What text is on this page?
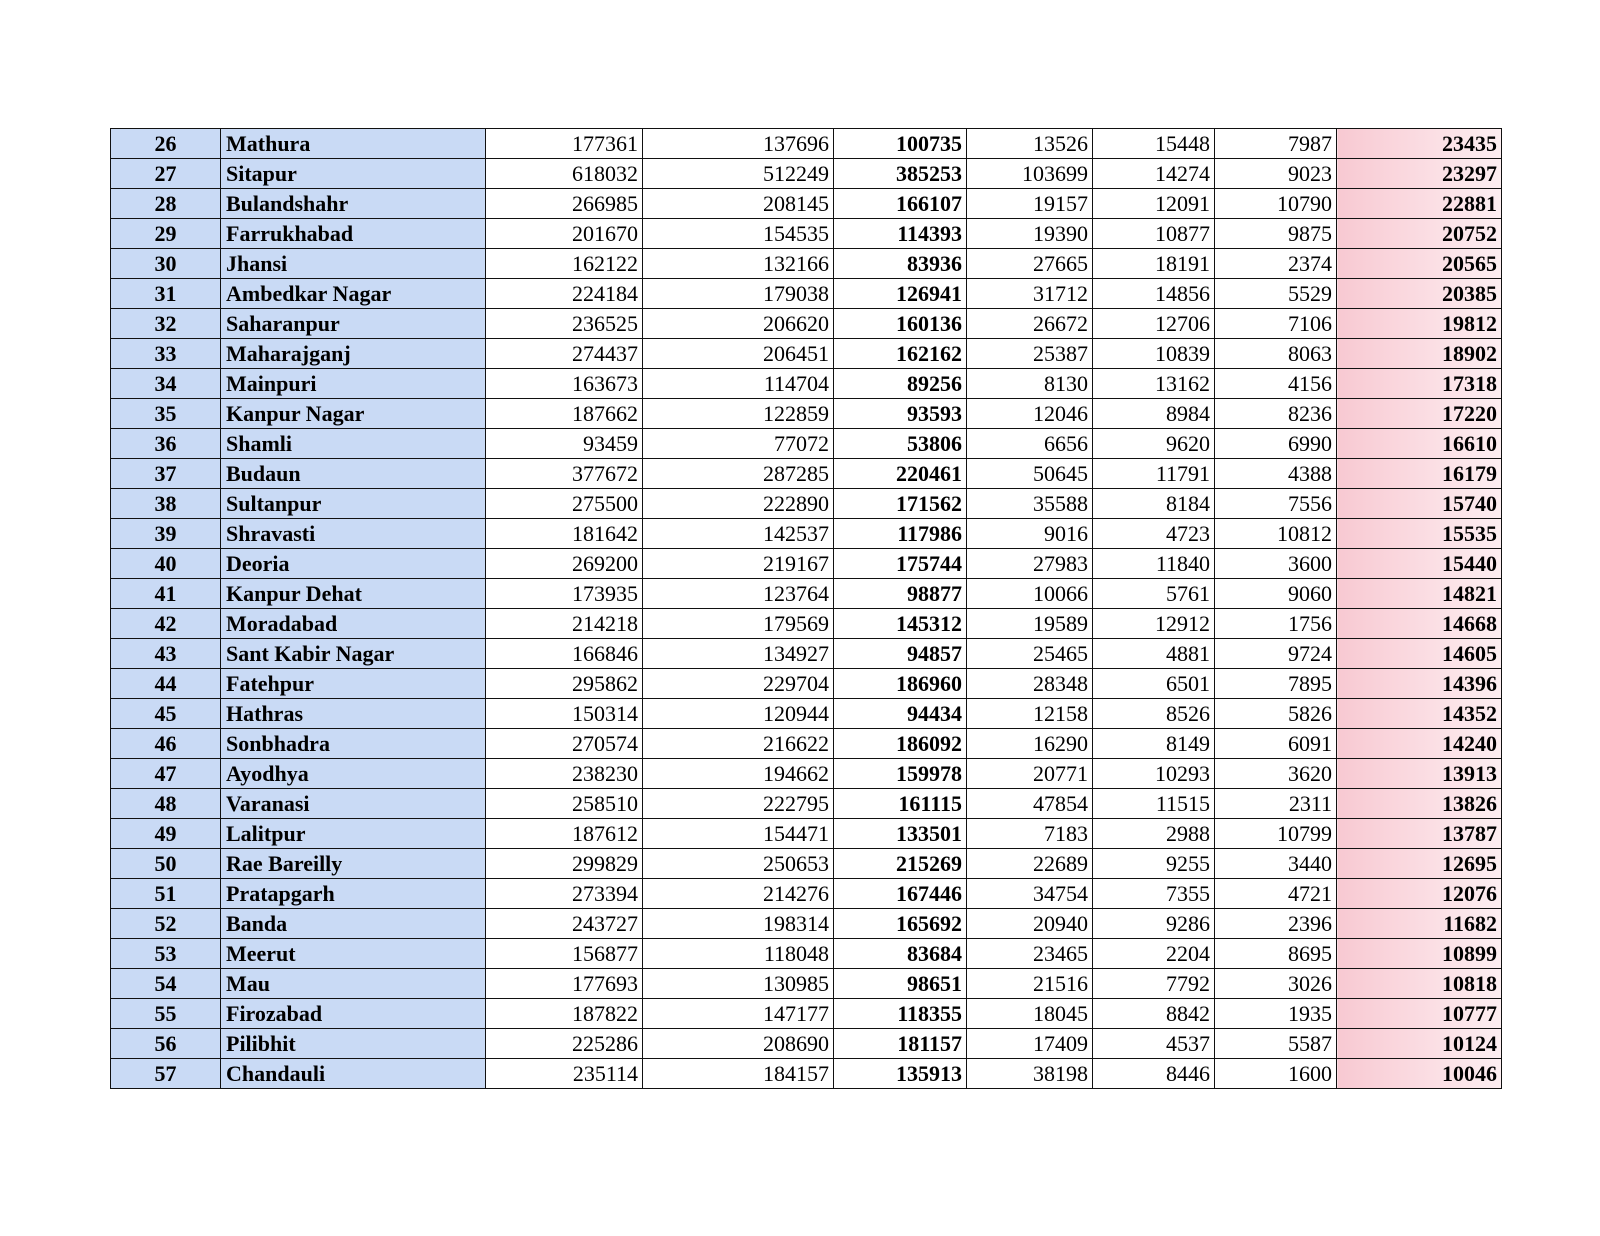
26	Mathura	177361	137696	100735	13526	15448	7987	23435
27	Sitapur	618032	512249	385253	103699	14274	9023	23297
28	Bulandshahr	266985	208145	166107	19157	12091	10790	22881
29	Farrukhabad	201670	154535	114393	19390	10877	9875	20752
30	Jhansi	162122	132166	83936	27665	18191	2374	20565
31	Ambedkar Nagar	224184	179038	126941	31712	14856	5529	20385
32	Saharanpur	236525	206620	160136	26672	12706	7106	19812
33	Maharajganj	274437	206451	162162	25387	10839	8063	18902
34	Mainpuri	163673	114704	89256	8130	13162	4156	17318
35	Kanpur Nagar	187662	122859	93593	12046	8984	8236	17220
36	Shamli	93459	77072	53806	6656	9620	6990	16610
37	Budaun	377672	287285	220461	50645	11791	4388	16179
38	Sultanpur	275500	222890	171562	35588	8184	7556	15740
39	Shravasti	181642	142537	117986	9016	4723	10812	15535
40	Deoria	269200	219167	175744	27983	11840	3600	15440
41	Kanpur Dehat	173935	123764	98877	10066	5761	9060	14821
42	Moradabad	214218	179569	145312	19589	12912	1756	14668
43	Sant Kabir Nagar	166846	134927	94857	25465	4881	9724	14605
44	Fatehpur	295862	229704	186960	28348	6501	7895	14396
45	Hathras	150314	120944	94434	12158	8526	5826	14352
46	Sonbhadra	270574	216622	186092	16290	8149	6091	14240
47	Ayodhya	238230	194662	159978	20771	10293	3620	13913
48	Varanasi	258510	222795	161115	47854	11515	2311	13826
49	Lalitpur	187612	154471	133501	7183	2988	10799	13787
50	Rae Bareilly	299829	250653	215269	22689	9255	3440	12695
51	Pratapgarh	273394	214276	167446	34754	7355	4721	12076
52	Banda	243727	198314	165692	20940	9286	2396	11682
53	Meerut	156877	118048	83684	23465	2204	8695	10899
54	Mau	177693	130985	98651	21516	7792	3026	10818
55	Firozabad	187822	147177	118355	18045	8842	1935	10777
56	Pilibhit	225286	208690	181157	17409	4537	5587	10124
57	Chandauli	235114	184157	135913	38198	8446	1600	10046
